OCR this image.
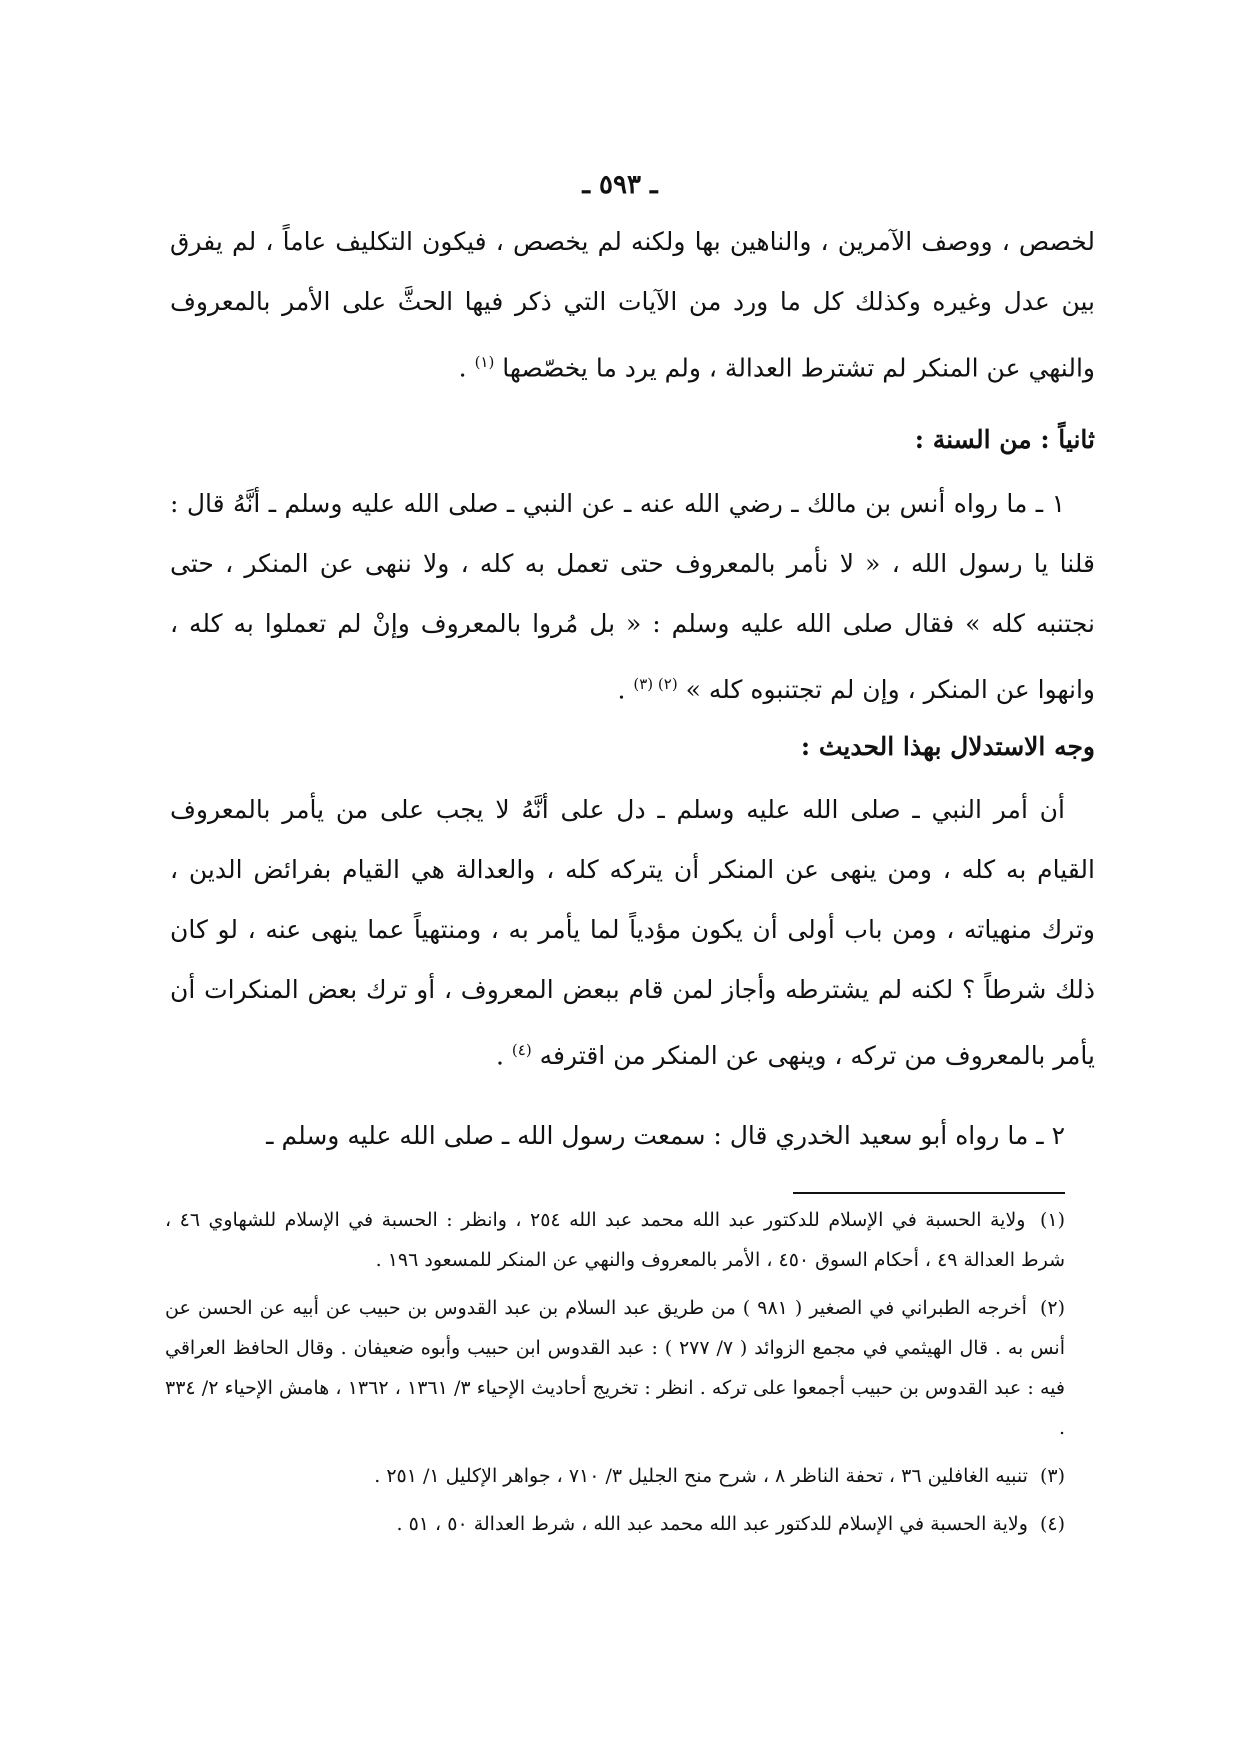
ـ ٥٩٣ ـ
لخصص ، ووصف الآمرين ، والناهين بها ولكنه لم يخصص ، فيكون التكليف عاماً ، لم يفرق بين عدل وغيره وكذلك كل ما ورد من الآيات التي ذكر فيها الحثَّ على الأمر بالمعروف والنهي عن المنكر لم تشترط العدالة ، ولم يرد ما يخصّصها $^{(١)}$ .
ثانياً : من السنة :
١ ـ ما رواه أنس بن مالك ـ رضي الله عنه ـ عن النبي ـ صلى الله عليه وسلم ـ أنَّهُ قال : قلنا يا رسول الله ، « لا نأمر بالمعروف حتى تعمل به كله ، ولا ننهى عن المنكر ، حتى نجتنبه كله » فقال صلى الله عليه وسلم : « بل مُروا بالمعروف وإنْ لم تعملوا به كله ، وانهوا عن المنكر ، وإن لم تجتنبوه كله » $^{(٢) (٣)}$ .
وجه الاستدلال بهذا الحديث :
أن أمر النبي ـ صلى الله عليه وسلم ـ دل على أنَّهُ لا يجب على من يأمر بالمعروف القيام به كله ، ومن ينهى عن المنكر أن يتركه كله ، والعدالة هي القيام بفرائض الدين ، وترك منهياته ، ومن باب أولى أن يكون مؤدياً لما يأمر به ، ومنتهياً عما ينهى عنه ، لو كان ذلك شرطاً ؟ لكنه لم يشترطه وأجاز لمن قام ببعض المعروف ، أو ترك بعض المنكرات أن يأمر بالمعروف من تركه ، وينهى عن المنكر من اقترفه $^{(٤)}$ .
٢ ـ ما رواه أبو سعيد الخدري قال : سمعت رسول الله ـ صلى الله عليه وسلم ـ
(١) ولاية الحسبة في الإسلام للدكتور عبد الله محمد عبد الله ٢٥٤ ، وانظر : الحسبة في الإسلام للشهاوي ٤٦ ، شرط العدالة ٤٩ ، أحكام السوق ٤٥٠ ، الأمر بالمعروف والنهي عن المنكر للمسعود ١٩٦ .
(٢) أخرجه الطبراني في الصغير ( ٩٨١ ) من طريق عبد السلام بن عبد القدوس بن حبيب عن أبيه عن الحسن عن أنس به . قال الهيثمي في مجمع الزوائد ( ٧/ ٢٧٧ ) : عبد القدوس ابن حبيب وأبوه ضعيفان . وقال الحافظ العراقي فيه : عبد القدوس بن حبيب أجمعوا على تركه . انظر : تخريج أحاديث الإحياء ٣/ ١٣٦١ ، ١٣٦٢ ، هامش الإحياء ٢/ ٣٣٤ .
(٣) تنبيه الغافلين ٣٦ ، تحفة الناظر ٨ ، شرح منح الجليل ٣/ ٧١٠ ، جواهر الإكليل ١/ ٢٥١ .
(٤) ولاية الحسبة في الإسلام للدكتور عبد الله محمد عبد الله ، شرط العدالة ٥٠ ، ٥١ .
